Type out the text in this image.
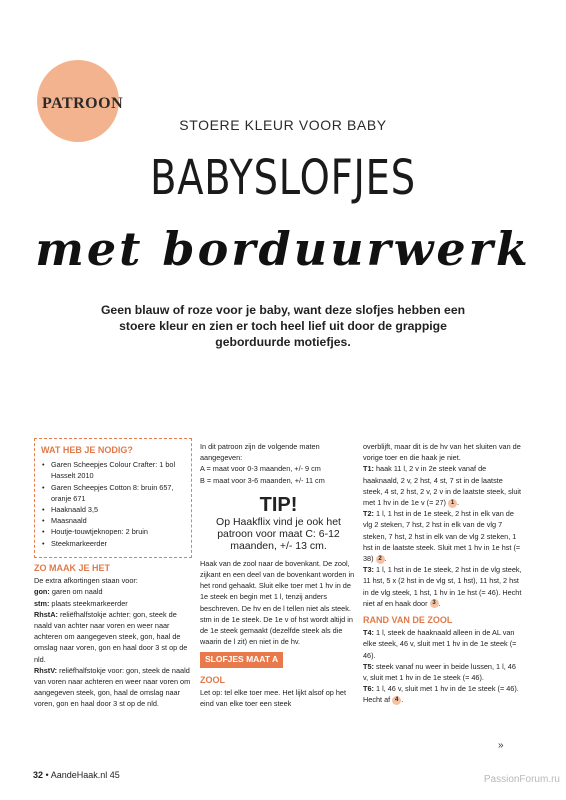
PATROON
STOERE KLEUR VOOR BABY
BABYSLOFJES
met borduurwerk
Geen blauw of roze voor je baby, want deze slofjes hebben een stoere kleur en zien er toch heel lief uit door de grappige geborduurde motiefjes.
WAT HEB JE NODIG?
• Garen Scheepjes Colour Crafter: 1 bol Hasselt 2010
• Garen Scheepjes Cotton 8: bruin 657, oranje 671
• Haaknaald 3,5
• Maasnaald
• Houtje-touwtjeknopen: 2 bruin
• Steekmarkeerder

ZO MAAK JE HET

De extra afkortingen staan voor:

gon: garen om naald

stm: plaats steekmarkeerder

RhstA: reliëfhalfstokje achter: gon, steek de naald van achter naar voren en weer naar achteren om aangegeven steek, gon, haal de omslag naar voren, gon en haal door 3 st op de nld.

RhstV: reliëfhalfstokje voor: gon, steek de naald van voren naar achteren en weer naar voren om aangegeven steek, gon, haal de omslag naar voren, gon en haal door 3 st op de nld.

In dit patroon zijn de volgende maten aangegeven:

A = maat voor 0-3 maanden, +/- 9 cm

B = maat voor 3-6 maanden, +/- 11 cm

TIP!
Op Haakflix vind je ook het patroon voor maat C: 6-12 maanden, +/- 13 cm.

Haak van de zool naar de bovenkant. De zool, zijkant en een deel van de bovenkant worden in het rond gehaakt. Sluit elke toer met 1 hv in de 1e steek en begin met 1 l, tenzij anders beschreven. De hv en de l tellen niet als steek. stm in de 1e steek. De 1e v of hst wordt altijd in de 1e steek gemaakt (dezelfde steek als die waarin de l zit) en niet in de hv.

SLOFJES MAAT A

ZOOL

Let op: tel elke toer mee. Het lijkt alsof op het eind van elke toer een steek

overblijft, maar dit is de hv van het sluiten van de vorige toer en die haak je niet.

T1: haak 11 l, 2 v in 2e steek vanaf de haaknaald, 2 v, 2 hst, 4 st, 7 st in de laatste steek, 4 st, 2 hst, 2 v, 2 v in de laatste steek, sluit met 1 hv in de 1e v (= 27) 1 .

T2: 1 l, 1 hst in de 1e steek, 2 hst in elk van de vlg 2 steken, 7 hst, 2 hst in elk van de vlg 7 steken, 7 hst, 2 hst in elk van de vlg 2 steken, 1 hst in de laatste steek. Sluit met 1 hv in 1e hst (= 38) 2 .

T3: 1 l, 1 hst in de 1e steek, 2 hst in de vlg steek, 11 hst, 5 x (2 hst in de vlg st, 1 hst), 11 hst, 2 hst in de vlg steek, 1 hst, 1 hv in 1e hst (= 46). Hecht niet af en haak door 3 .

RAND VAN DE ZOOL

T4: 1 l, steek de haaknaald alleen in de AL van elke steek, 46 v, sluit met 1 hv in de 1e steek (= 46).

T5: steek vanaf nu weer in beide lussen, 1 l, 46 v, sluit met 1 hv in de 1e steek (= 46).

T6: 1 l, 46 v, sluit met 1 hv in de 1e steek (= 46). Hecht af 4 .

»
32 • AandeHaak.nl 45	PassionForum.ru
